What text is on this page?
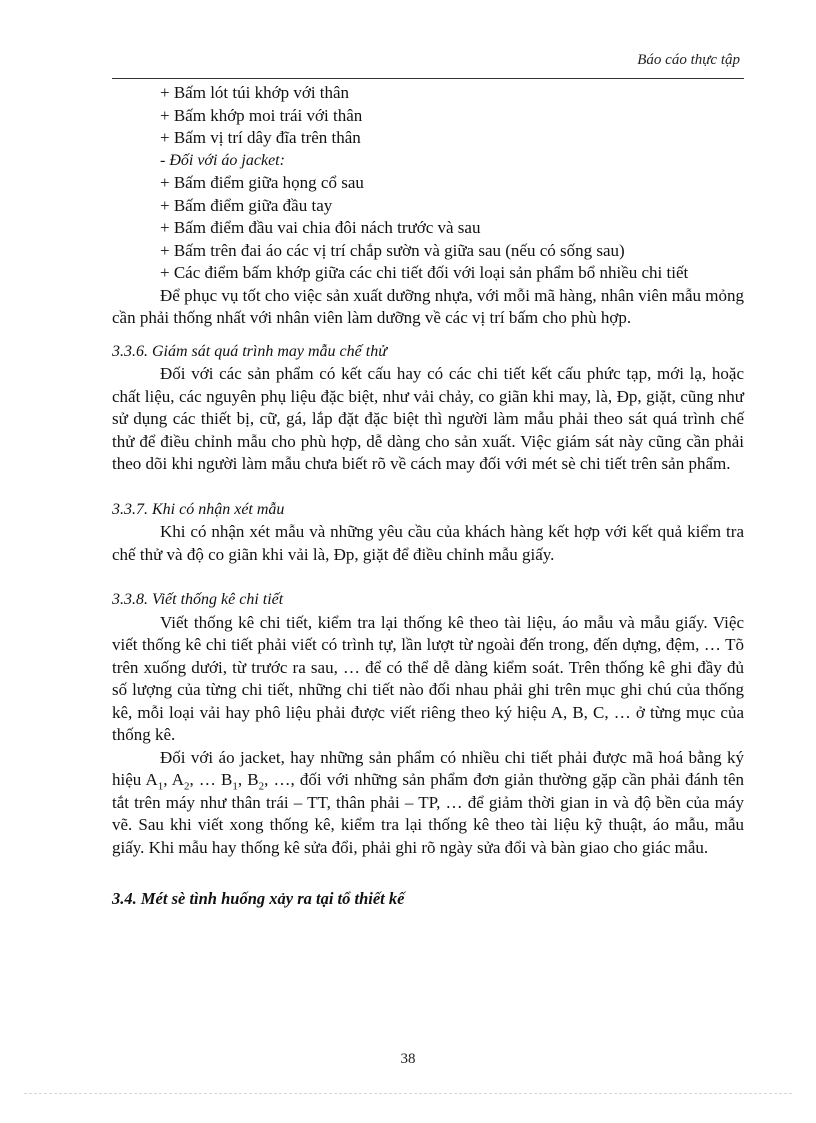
Báo cáo thực tập
+ Bấm lót túi khớp với thân
+ Bấm khớp moi trái với thân
+ Bấm vị trí dây đĩa trên thân
- Đối với áo jacket:
+ Bấm điểm giữa họng cổ sau
+ Bấm điểm giữa đầu tay
+ Bấm điểm đầu vai chia đôi nách trước và sau
+ Bấm trên đai áo các vị trí chắp sườn và giữa sau (nếu có sống sau)

+ Các điểm bấm khớp giữa các chi tiết đối với loại sản phẩm bổ nhiều chi tiết

Để phục vụ tốt cho việc sản xuất dưỡng nhựa, với mỗi mã hàng, nhân viên mẫu mỏng cần phải thống nhất với nhân viên làm dưỡng về các vị trí bấm cho phù hợp.

3.3.6. Giám sát quá trình may mẫu chế thử

Đối với các sản phẩm có kết cấu hay có các chi tiết kết cấu phức tạp, mới lạ, hoặc chất liệu, các nguyên phụ liệu đặc biệt, như vải chảy, co giãn khi may, là, Đp, giặt, cũng như sử dụng các thiết bị, cữ, gá, lắp đặt đặc biệt thì người làm mẫu phải theo sát quá trình chế thử để điều chỉnh mẫu cho phù hợp, dễ dàng cho sản xuất. Việc giám sát này cũng cần phải theo dõi khi người làm mẫu chưa biết rõ về cách may đối với mét sè chi tiết trên sản phẩm.

3.3.7. Khi có nhận xét mẫu

Khi có nhận xét mẫu và những yêu cầu của khách hàng kết hợp với kết quả kiểm tra chế thử và độ co giãn khi vải là, Đp, giặt để điều chỉnh mẫu giấy.

3.3.8. Viết thống kê chi tiết

Viết thống kê chi tiết, kiểm tra lại thống kê theo tài liệu, áo mẫu và mẫu giấy. Việc viết thống kê chi tiết phải viết có trình tự, lần lượt từ ngoài đến trong, đến dựng, đệm, … Tõ trên xuống dưới, từ trước ra sau, … để có thể dễ dàng kiểm soát. Trên thống kê ghi đầy đủ số lượng của từng chi tiết, những chi tiết nào đối nhau phải ghi trên mục ghi chú của thống kê, mỗi loại vải hay phô liệu phải được viết riêng theo ký hiệu A, B, C, … ở từng mục của thống kê.

Đối với áo jacket, hay những sản phẩm có nhiều chi tiết phải được mã hoá bằng ký hiệu $A_1$, $A_2$, … $B_1$, $B_2$, …, đối với những sản phẩm đơn giản thường gặp cần phải đánh tên tắt trên máy như thân trái – TT, thân phải – TP, … để giảm thời gian in và độ bền của máy vẽ. Sau khi viết xong thống kê, kiểm tra lại thống kê theo tài liệu kỹ thuật, áo mẫu, mẫu giấy. Khi mẫu hay thống kê sửa đổi, phải ghi rõ ngày sửa đổi và bàn giao cho giác mẫu.

3.4. Mét sè tình huống xảy ra tại tổ thiết kế
38
